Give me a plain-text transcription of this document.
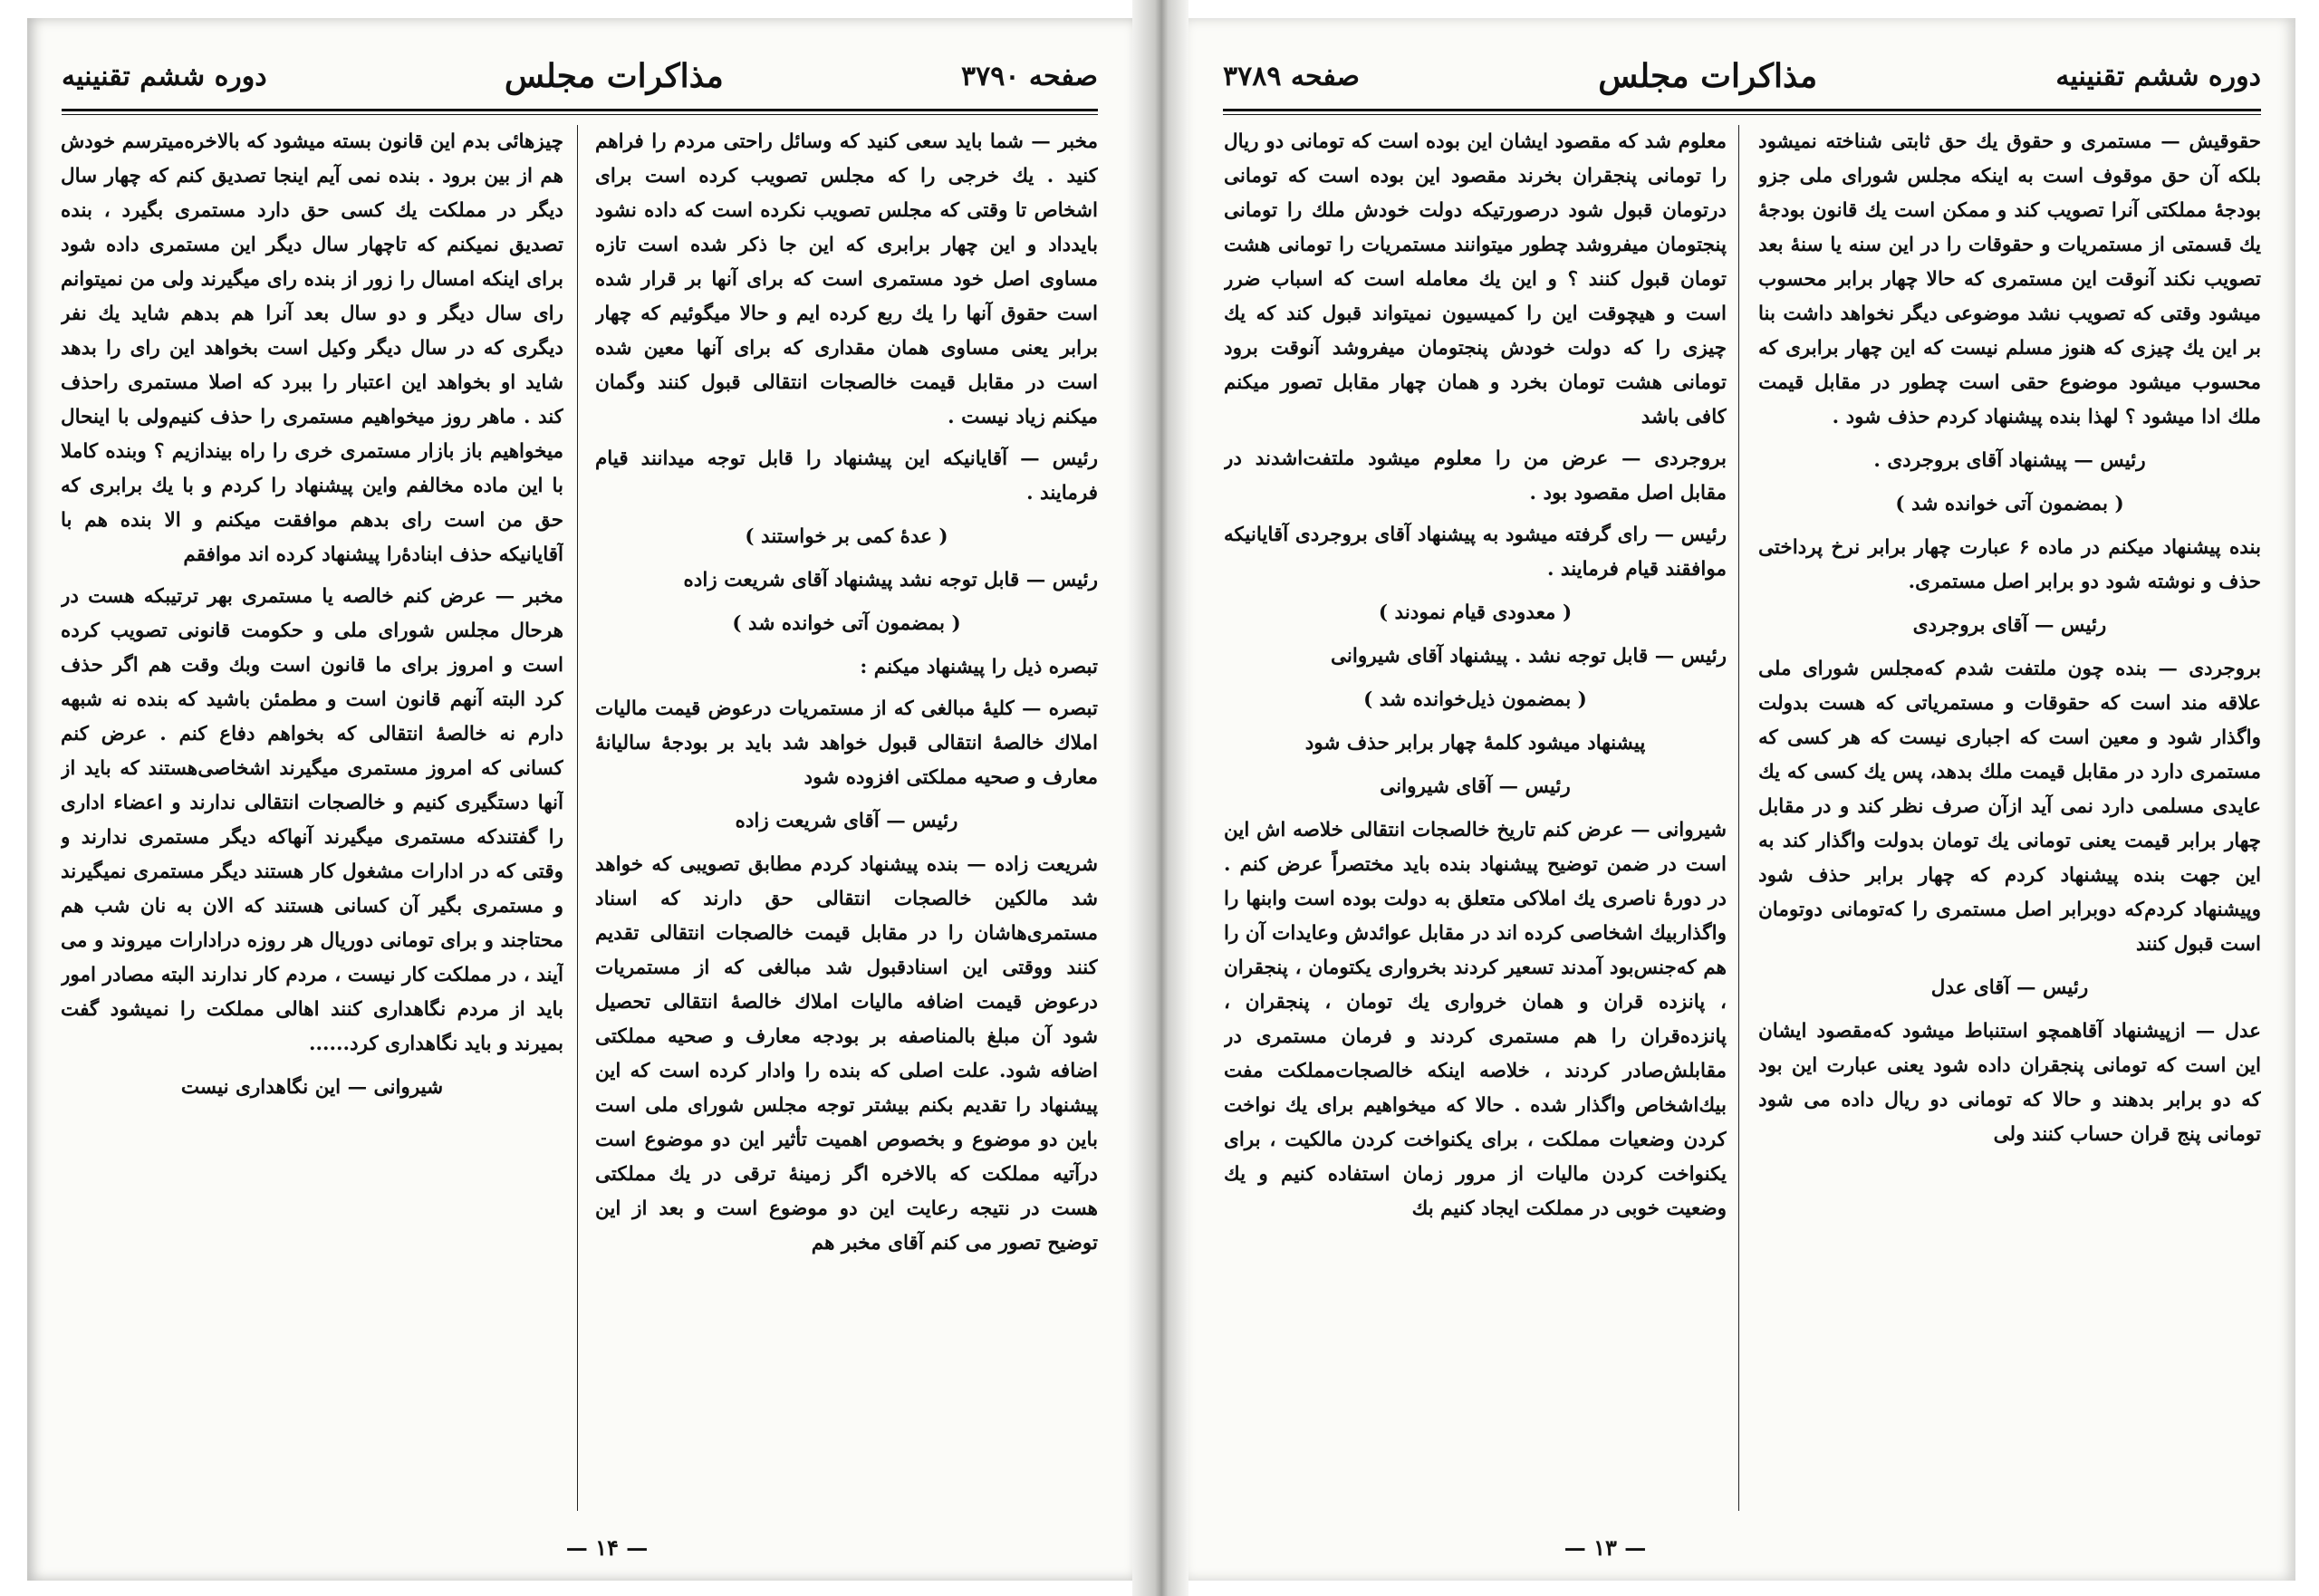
صفحه ۳۷۹۰
مذاکرات مجلس
دوره ششم تقنینیه

مخبر — شما باید سعی کنید که وسائل راحتی مردم را فراهم کنید . یك خرجی را که مجلس تصویب کرده است برای اشخاص تا وقتی که مجلس تصویب نکرده است که داده نشود بایدداد و این چهار برابری که این جا ذکر شده است تازه مساوی اصل خود مستمری است که برای آنها بر قرار شده است حقوق آنها را یك ربع کرده ایم و حالا میگوئیم که چهار برابر یعنی مساوی همان مقداری که برای آنها معین شده است در مقابل قیمت خالصجات انتقالی قبول کنند وگمان میکنم زیاد نیست .

رئیس — آقایانیکه این پیشنهاد را قابل توجه میدانند قیام فرمایند .

( عدهٔ کمی بر خواستند )

رئیس — قابل توجه نشد پیشنهاد آقای شریعت زاده

( بمضمون آتی خوانده شد )

تبصره ذیل را پیشنهاد میکنم :

تبصره — کلیهٔ مبالغی که از مستمریات درعوض قیمت مالیات املاك خالصهٔ انتقالی قبول خواهد شد باید بر بودجهٔ سالیانهٔ معارف و صحیه مملکتی افزوده شود

رئیس — آقای شریعت زاده

شریعت زاده — بنده پیشنهاد کردم مطابق تصویبی که خواهد شد مالکین خالصجات انتقالی حق دارند که اسناد مستمری‌هاشان را در مقابل قیمت خالصجات انتقالی تقدیم کنند ووقتی این اسنادقبول شد مبالغی که از مستمریات درعوض قیمت اضافه مالیات املاك خالصهٔ انتقالی تحصیل شود آن مبلغ بالمناصفه بر بودجه معارف و صحیه مملکتی اضافه شود. علت اصلی که بنده را وادار کرده است که این پیشنهاد را تقدیم بکنم بیشتر توجه مجلس شورای ملی است باین دو موضوع و بخصوص اهمیت تأثیر این دو موضوع است درآتیه مملکت که بالاخره اگر زمینهٔ ترقی در یك مملکتی هست در نتیجه رعایت این دو موضوع است و بعد از این توضیح تصور می کنم آقای مخبر هم

چیزهائی بدم این قانون بسته میشود که بالاخره‌میترسم خودش هم از بین برود . بنده نمی آیم اینجا تصدیق کنم که چهار سال دیگر در مملکت یك کسی حق دارد مستمری بگیرد ، بنده تصدیق نمیکنم که تاچهار سال دیگر این مستمری داده شود برای اینکه امسال را زور از بنده رای میگیرند ولی من نمیتوانم رای سال دیگر و دو سال بعد آنرا هم بدهم شاید یك نفر دیگری که در سال دیگر وکیل است بخواهد این رای را بدهد شاید او بخواهد این اعتبار را ببرد که اصلا مستمری راحذف کند . ماهر روز میخواهیم مستمری را حذف کنیم‌ولی با اینحال میخواهیم باز بازار مستمری خری را راه بیندازیم ؟ وبنده کاملا با این ماده مخالفم واین پیشنهاد را کردم و با یك برابری که حق من است رای بدهم موافقت میکنم و الا بنده هم با آقایانیکه حذف ابنادهٔ‌را پیشنهاد کرده اند موافقم

مخبر — عرض کنم خالصه یا مستمری بهر ترتیبکه هست در هرحال مجلس شورای ملی و حکومت قانونی تصویب کرده است و امروز برای ما قانون است وبك وقت هم اگر حذف کرد البته آنهم قانون است و مطمئن باشید که بنده نه شبهه دارم نه خالصهٔ انتقالی که بخواهم دفاع کنم . عرض کنم کسانی که امروز مستمری میگیرند اشخاصی‌هستند که باید از آنها دستگیری کنیم و خالصجات انتقالی ندارند و اعضاء اداری را گفتندکه مستمری میگیرند آنهاکه دیگر مستمری ندارند و وقتی که در ادارات مشغول کار هستند دیگر مستمری نمیگیرند و مستمری بگیر آن کسانی هستند که الان به نان شب هم محتاجند و برای تومانی دوریال هر روزه درادارات میروند و می آیند ، در مملکت کار نیست ، مردم کار ندارند البته مصادر امور باید از مردم نگاهداری کنند اهالی مملکت را نمیشود گفت بمیرند و باید نگاهداری کرد......

شیروانی — این نگاهداری نیست

— ۱۴ —
دوره ششم تقنینیه
مذاکرات مجلس
صفحه ۳۷۸۹

حقوقیش — مستمری و حقوق یك حق ثابتی شناخته نمیشود بلکه آن حق موقوف است به اینکه مجلس شورای ملی جزو بودجهٔ مملکتی آنرا تصویب کند و ممکن است یك قانون بودجهٔ یك قسمتی از مستمریات و حقوقات را در این سنه یا سنهٔ بعد تصویب نکند آنوقت این مستمری که حالا چهار برابر محسوب میشود وقتی که تصویب نشد موضوعی دیگر نخواهد داشت بنا بر این یك چیزی که هنوز مسلم نیست که این چهار برابری که محسوب میشود موضوع حقی است چطور در مقابل قیمت ملك ادا میشود ؟ لهذا بنده پیشنهاد کردم حذف شود .

رئیس — پیشنهاد آقای بروجردی .

( بمضمون آتی خوانده شد )

بنده پیشنهاد میکنم در ماده ۶ عبارت چهار برابر نرخ پرداختی حذف و نوشته شود دو برابر اصل مستمری.

رئیس — آقای بروجردی

بروجردی — بنده چون ملتفت شدم که‌مجلس شورای ملی علاقه مند است که حقوقات و مستمریاتی که هست بدولت واگذار شود و معین است که اجباری نیست که هر کسی که مستمری دارد در مقابل قیمت ملك بدهد، پس یك کسی که یك عایدی مسلمی دارد نمی آید ازآن صرف نظر کند و در مقابل چهار برابر قیمت یعنی تومانی یك تومان بدولت واگذار کند به این جهت بنده پیشنهاد کردم که چهار برابر حذف شود وپیشنهاد کردم‌که دوبرابر اصل مستمری را که‌تومانی دوتومان است قبول کنند

رئیس — آقای عدل

عدل — ازپیشنهاد آقاهمچو استنباط میشود که‌مقصود ایشان این است که تومانی پنجقران داده شود یعنی عبارت این بود که دو برابر بدهند و حالا که تومانی دو ریال داده می شود تومانی پنج قران حساب کنند ولی

معلوم شد که مقصود ایشان این بوده است که تومانی دو ریال را تومانی پنجقران بخرند مقصود این بوده است که تومانی درتومان قبول شود درصورتیکه دولت خودش ملك را تومانی پنجتومان میفروشد چطور میتوانند مستمریات را تومانی هشت تومان قبول کنند ؟ و این یك معامله است که اسباب ضرر است و هیچوقت این را کمیسیون نمیتواند قبول کند که یك چیزی را که دولت خودش پنجتومان میفروشد آنوقت برود تومانی هشت تومان بخرد و همان چهار مقابل تصور میکنم کافی باشد

بروجردی — عرض من را معلوم میشود ملتفت‌اشدند در مقابل اصل مقصود بود .

رئیس — رای گرفته میشود به پیشنهاد آقای بروجردی آقایانیکه موافقند قیام فرمایند .

( معدودی قیام نمودند )

رئیس — قابل توجه نشد . پیشنهاد آقای شیروانی

( بمضمون ذیل‌خوانده شد )

پیشنهاد میشود کلمهٔ چهار برابر حذف شود

رئیس — آقای شیروانی

شیروانی — عرض کنم تاریخ خالصجات انتقالی خلاصه اش این است در ضمن توضیح پیشنهاد بنده باید مختصراً عرض کنم . در دورهٔ ناصری یك املاکی متعلق به دولت بوده است وابنها را واگذاربیك اشخاصی کرده اند در مقابل عوائدش وعایدات آن را هم که‌جنس‌بود آمدند تسعیر کردند بخرواری یکتومان ، پنجقران ، پانزده قران و همان خرواری یك تومان ، پنجقران ، پانزده‌قران را هم مستمری کردند و فرمان مستمری در مقابلش‌صادر کردند ، خلاصه اینکه خالصجات‌مملکت مفت بیك‌اشخاص واگذار شده . حالا که میخواهیم برای یك نواخت کردن وضعیات مملکت ، برای یکنواخت کردن مالکیت ، برای یکنواخت کردن مالیات از مرور زمان استفاده کنیم و یك وضعیت خوبی در مملکت ایجاد کنیم بك

— ۱۳ —
